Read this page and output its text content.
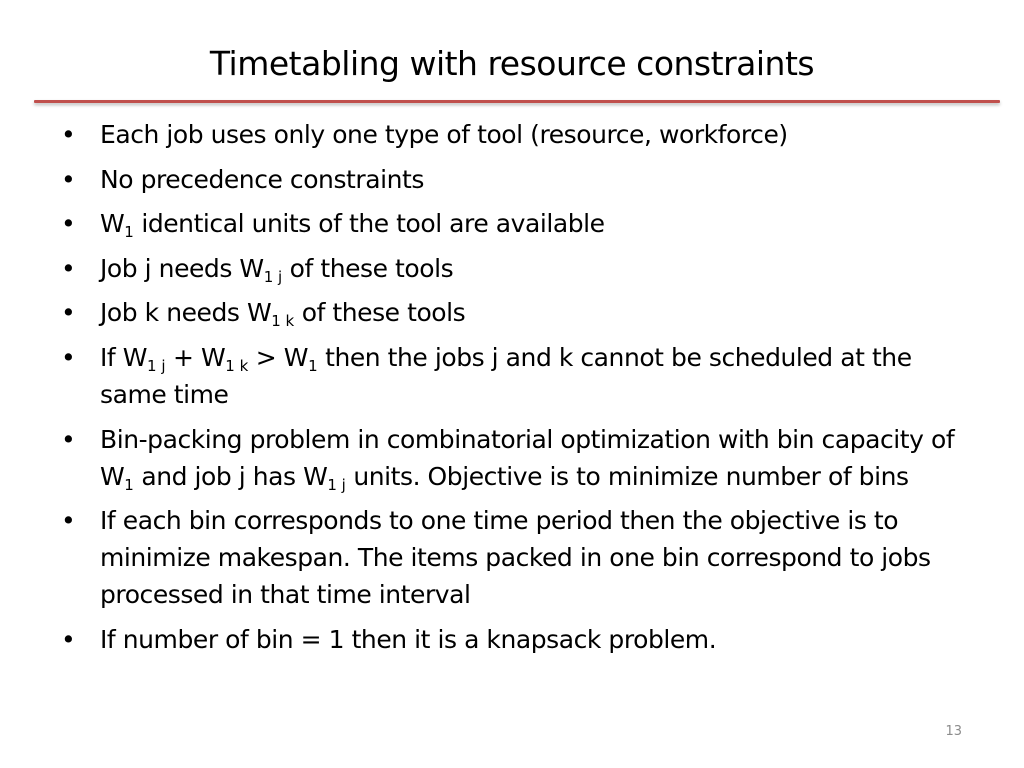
Timetabling with resource constraints
• Each job uses only one type of tool (resource, workforce)
• No precedence constraints
• $W_1$ identical units of the tool are available
• Job j needs $W_{1 j}$ of these tools
• Job k needs $W_{1 k}$ of these tools
• If $W_{1 j} + W_{1 k} > W_1$ then the jobs j and k cannot be scheduled at the same time
• Bin-packing problem in combinatorial optimization with bin capacity of $W_1$ and job j has $W_{1 j}$ units. Objective is to minimize number of bins
• If each bin corresponds to one time period then the objective is to minimize makespan. The items packed in one bin correspond to jobs processed in that time interval
• If number of bin = 1 then it is a knapsack problem.
13
